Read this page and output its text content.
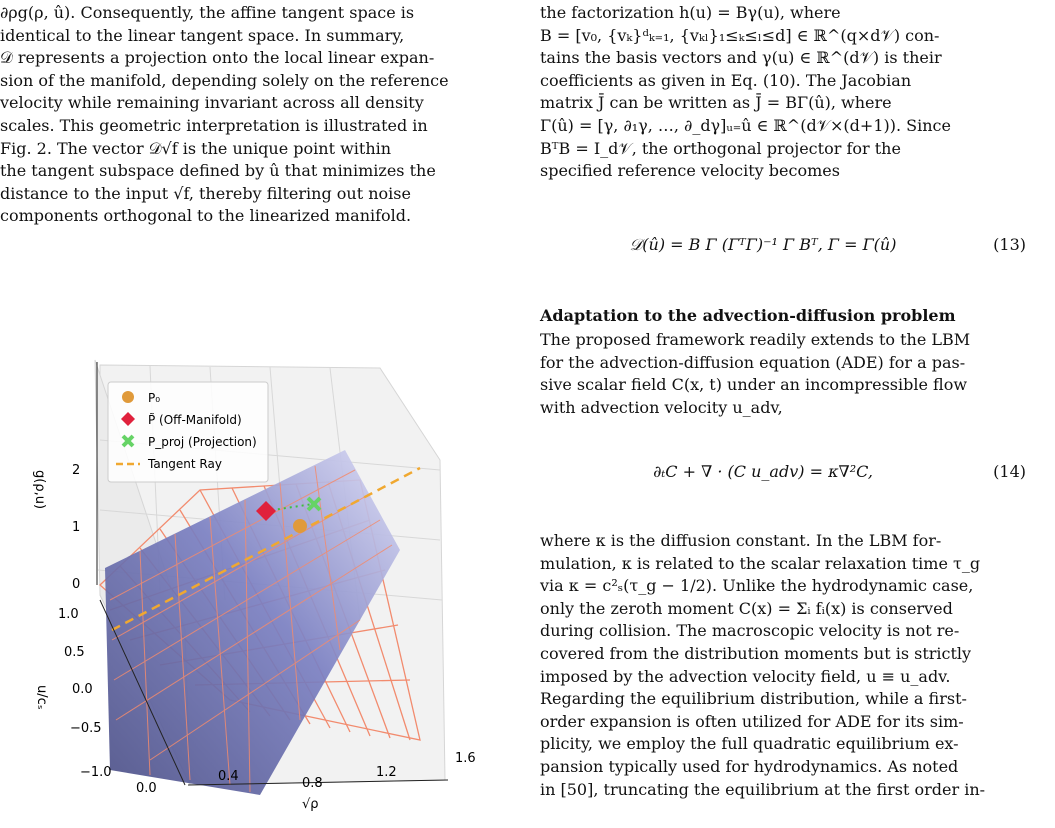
∂ρg(ρ, û). Consequently, the affine tangent space is
identical to the linear tangent space. In summary,
𝒟 represents a projection onto the local linear expan-
sion of the manifold, depending solely on the reference
velocity while remaining invariant across all density
scales. This geometric interpretation is illustrated in
Fig. 2. The vector 𝒟√f is the unique point within
the tangent subspace defined by û that minimizes the
distance to the input √f, thereby filtering out noise
components orthogonal to the linearized manifold.
P₀
P̃ (Off-Manifold)
P_proj (Projection)
Tangent Ray
2
1
0
g(ρ,u)
1.0
0.5
0.0
−0.5
−1.0
u/cₛ
0.0
0.4	0.8
1.2
1.6
√ρ
the factorization h(u) = Bγ(u), where
B = [v₀, {vₖ}ᵈₖ₌₁, {vₖₗ}₁≤ₖ≤ₗ≤d] ∈ ℝ^(q×d𝒱) con-
tains the basis vectors and γ(u) ∈ ℝ^(d𝒱) is their
coefficients as given in Eq. (10). The Jacobian
matrix J̄ can be written as J̄ = BΓ(û), where
Γ(û) = [γ, ∂₁γ, …, ∂_dγ]ᵤ₌û ∈ ℝ^(d𝒱×(d+1)). Since
BᵀB = I_d𝒱, the orthogonal projector for the
specified reference velocity becomes
𝒟(û) = B Γ (ΓᵀΓ)⁻¹ Γ Bᵀ, Γ = Γ(û)	(13)
Adaptation to the advection-diffusion problem
The proposed framework readily extends to the LBM
for the advection-diffusion equation (ADE) for a pas-
sive scalar field C(x, t) under an incompressible flow
with advection velocity u_adv,
∂ₜC + ∇ · (C u_adv) = κ∇²C,	(14)
where κ is the diffusion constant. In the LBM for-
mulation, κ is related to the scalar relaxation time τ_g
via κ = c²ₛ(τ_g − 1/2). Unlike the hydrodynamic case,
only the zeroth moment C(x) = Σᵢ fᵢ(x) is conserved
during collision. The macroscopic velocity is not re-
covered from the distribution moments but is strictly
imposed by the advection velocity field, u ≡ u_adv.
Regarding the equilibrium distribution, while a first-
order expansion is often utilized for ADE for its sim-
plicity, we employ the full quadratic equilibrium ex-
pansion typically used for hydrodynamics. As noted
in [50], truncating the equilibrium at the first order in-
